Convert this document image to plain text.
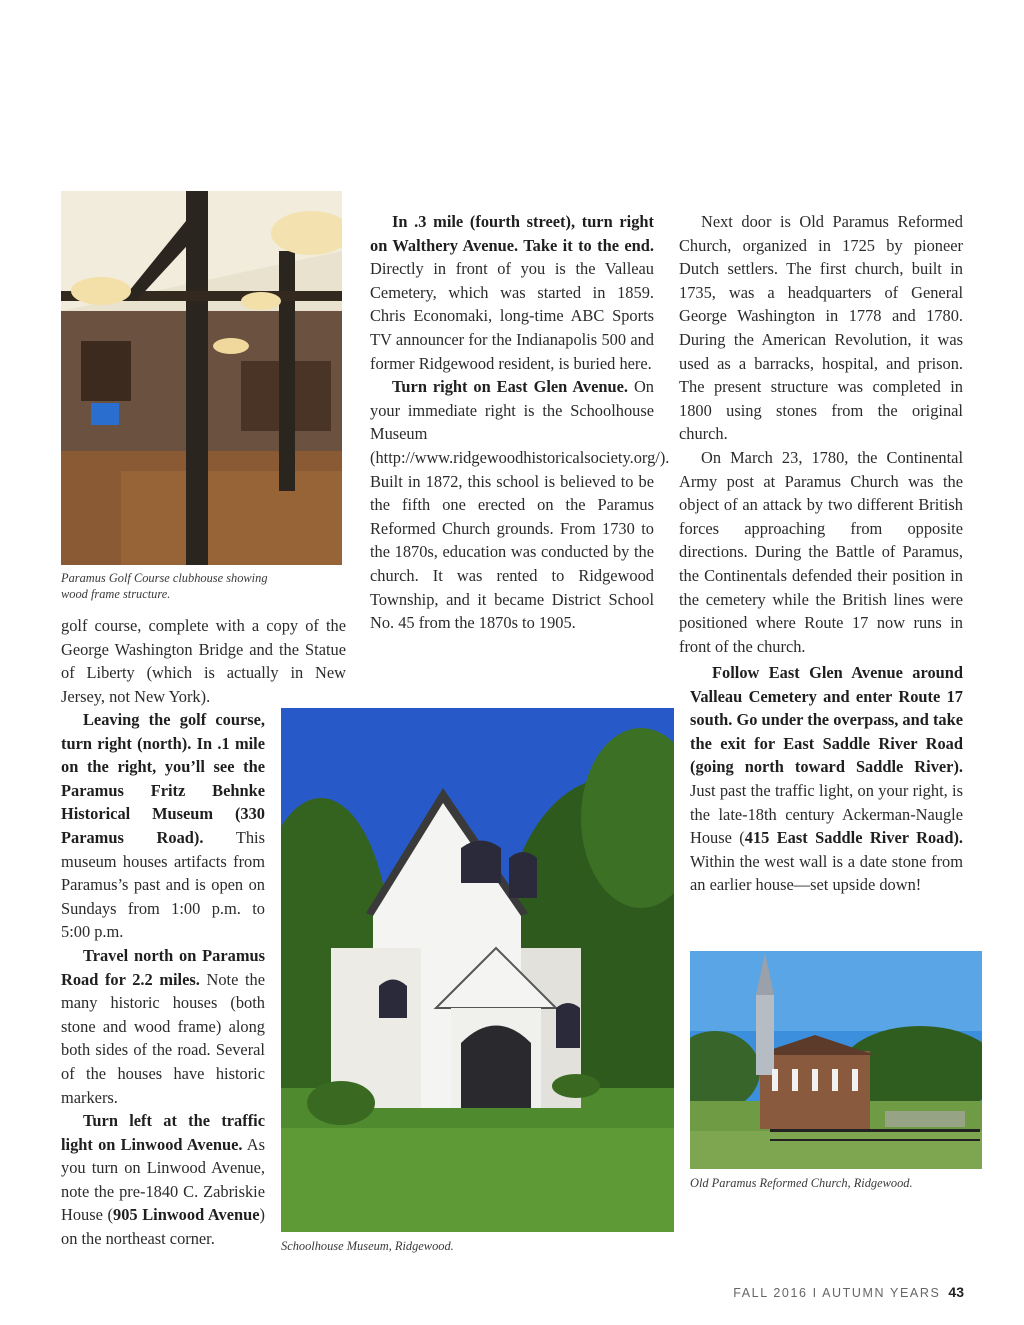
Paramus Golf Course clubhouse showing wood frame structure.
Schoolhouse Museum, Ridgewood.
Old Paramus Reformed Church, Ridgewood.

golf course, complete with a copy of the George Washington Bridge and the Statue of Liberty (which is actually in New Jersey, not New York).

Leaving the golf course, turn right (north). In .1 mile on the right, you’ll see the Paramus Fritz Behnke Historical Museum (330 Paramus Road). This museum houses artifacts from Paramus’s past and is open on Sundays from 1:00 p.m. to 5:00 p.m.

Travel north on Paramus Road for 2.2 miles. Note the many historic houses (both stone and wood frame) along both sides of the road. Several of the houses have historic markers.

Turn left at the traffic light on Linwood Avenue. As you turn on Linwood Avenue, note the pre-1840 C. Zabriskie House (905 Linwood Avenue) on the northeast corner.

In .3 mile (fourth street), turn right on Walthery Avenue. Take it to the end. Directly in front of you is the Valleau Cemetery, which was started in 1859. Chris Economaki, long-time ABC Sports TV announcer for the Indianapolis 500 and former Ridgewood resident, is buried here.

Turn right on East Glen Avenue. On your immediate right is the Schoolhouse Museum (http://www.ridgewoodhistoricalsociety.org/). Built in 1872, this school is believed to be the fifth one erected on the Paramus Reformed Church grounds. From 1730 to the 1870s, education was conducted by the church. It was rented to Ridgewood Township, and it became District School No. 45 from the 1870s to 1905.

Next door is Old Paramus Reformed Church, organized in 1725 by pioneer Dutch settlers. The first church, built in 1735, was a headquarters of General George Washington in 1778 and 1780. During the American Revolution, it was used as a barracks, hospital, and prison. The present structure was completed in 1800 using stones from the original church.

On March 23, 1780, the Continental Army post at Paramus Church was the object of an attack by two different British forces approaching from opposite directions. During the Battle of Paramus, the Continentals defended their position in the cemetery while the British lines were positioned where Route 17 now runs in front of the church.

Follow East Glen Avenue around Valleau Cemetery and enter Route 17 south. Go under the overpass, and take the exit for East Saddle River Road (going north toward Saddle River). Just past the traffic light, on your right, is the late-18th century Ackerman-Naugle House (415 East Saddle River Road). Within the west wall is a date stone from an earlier house—set upside down!

FALL 2016 I AUTUMN YEARS 43
